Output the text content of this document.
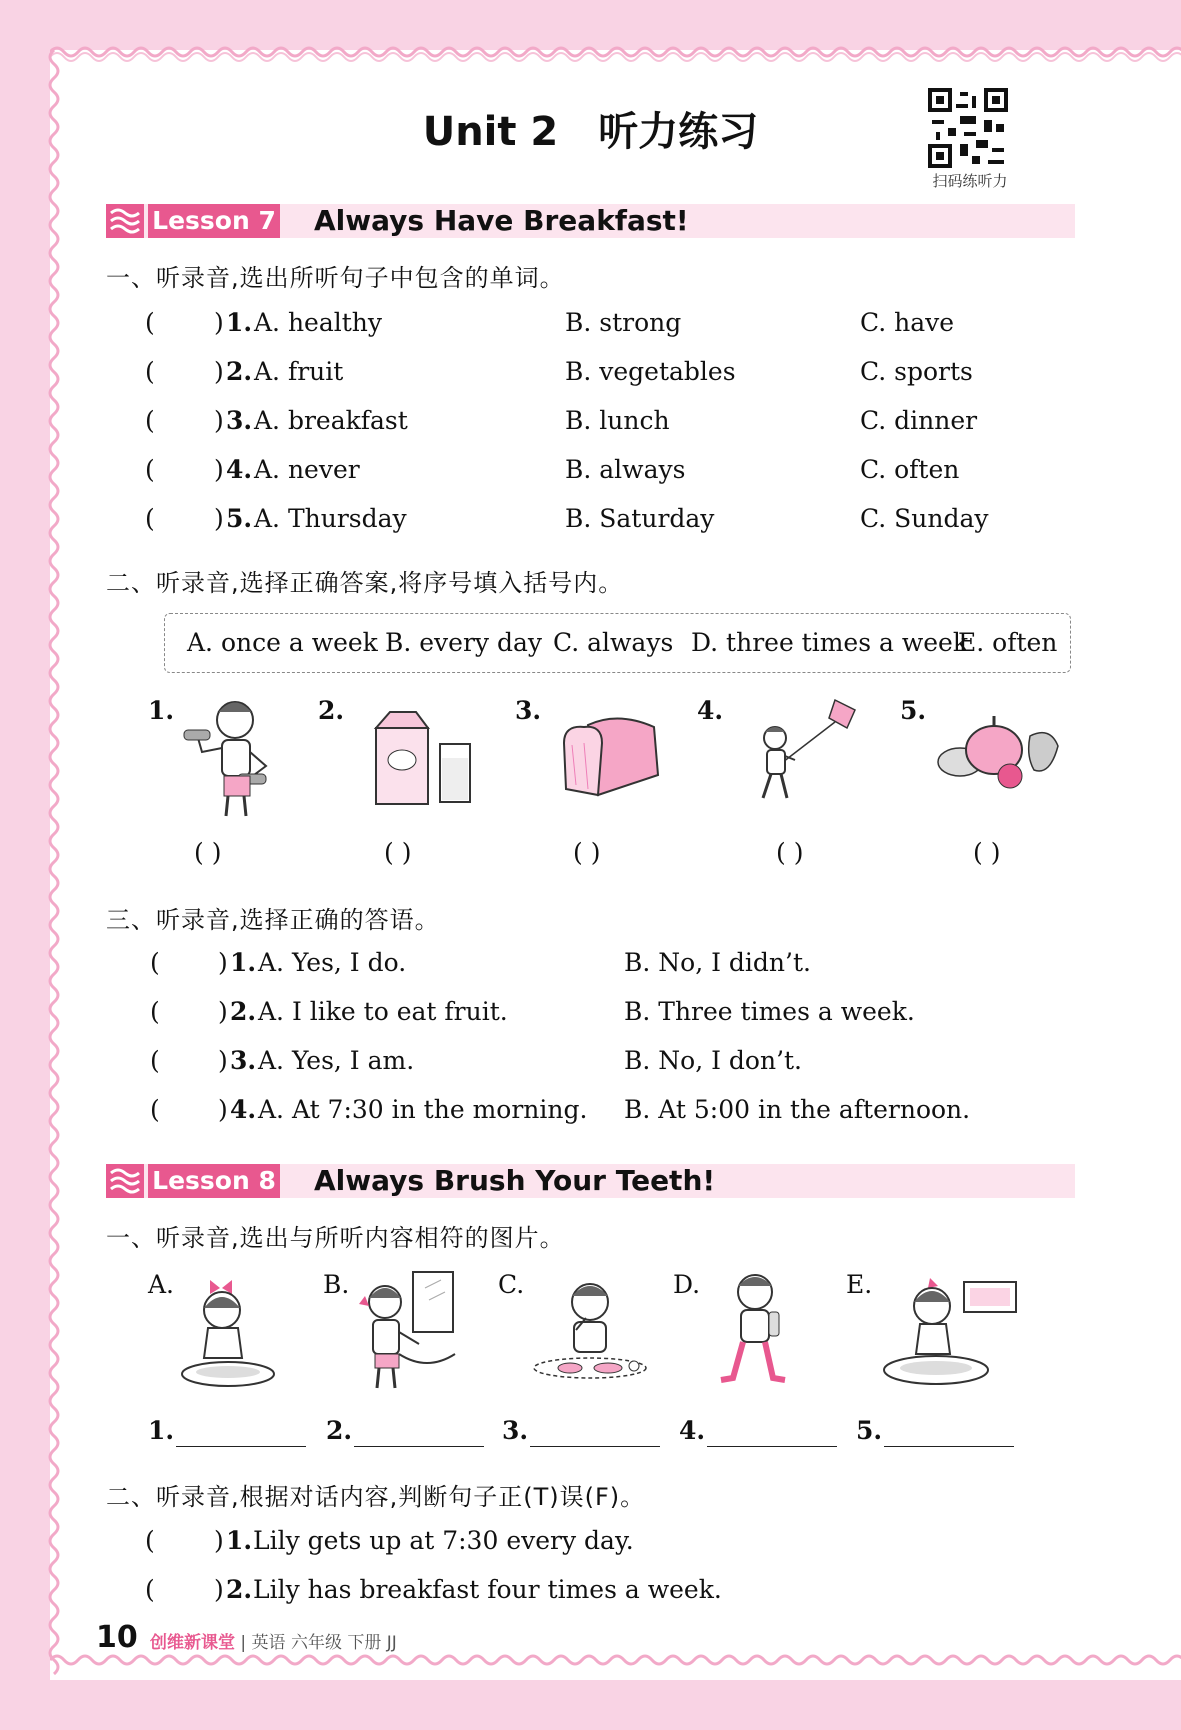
Unit 2 听力练习
扫码练听力
Lesson 7 Always Have Breakfast!
一、听录音,选出所听句子中包含的单词。
( ) 1. A. healthy	B. strong	C. have
( ) 2. A. fruit	B. vegetables	C. sports
( ) 3. A. breakfast	B. lunch	C. dinner
( ) 4. A. never	B. always	C. often
( ) 5. A. Thursday	B. Saturday	C. Sunday
二、听录音,选择正确答案,将序号填入括号内。
A. once a week B. every day C. always D. three times a week
E. often
1.	2.	3.	4.	5.
( )	( )	( )	( )	( )
三、听录音,选择正确的答语。
( ) 1. A. Yes, I do.	B. No, I didn’t.
( ) 2. A. I like to eat fruit.	B. Three times a week.
( ) 3. A. Yes, I am.	B. No, I don’t.
( ) 4. A. At 7:30 in the morning. B. At 5:00 in the afternoon.
Lesson 8 Always Brush Your Teeth!
一、听录音,选出与所听内容相符的图片。
A.	B.	C.	D.	E.
1.	2.	3.	4.	5.
二、听录音,根据对话内容,判断句子正(T)误(F)。
( ) 1. Lily gets up at 7:30 every day.
( ) 2. Lily has breakfast four times a week.
10 创维新课堂 | 英语 六年级 下册 JJ
